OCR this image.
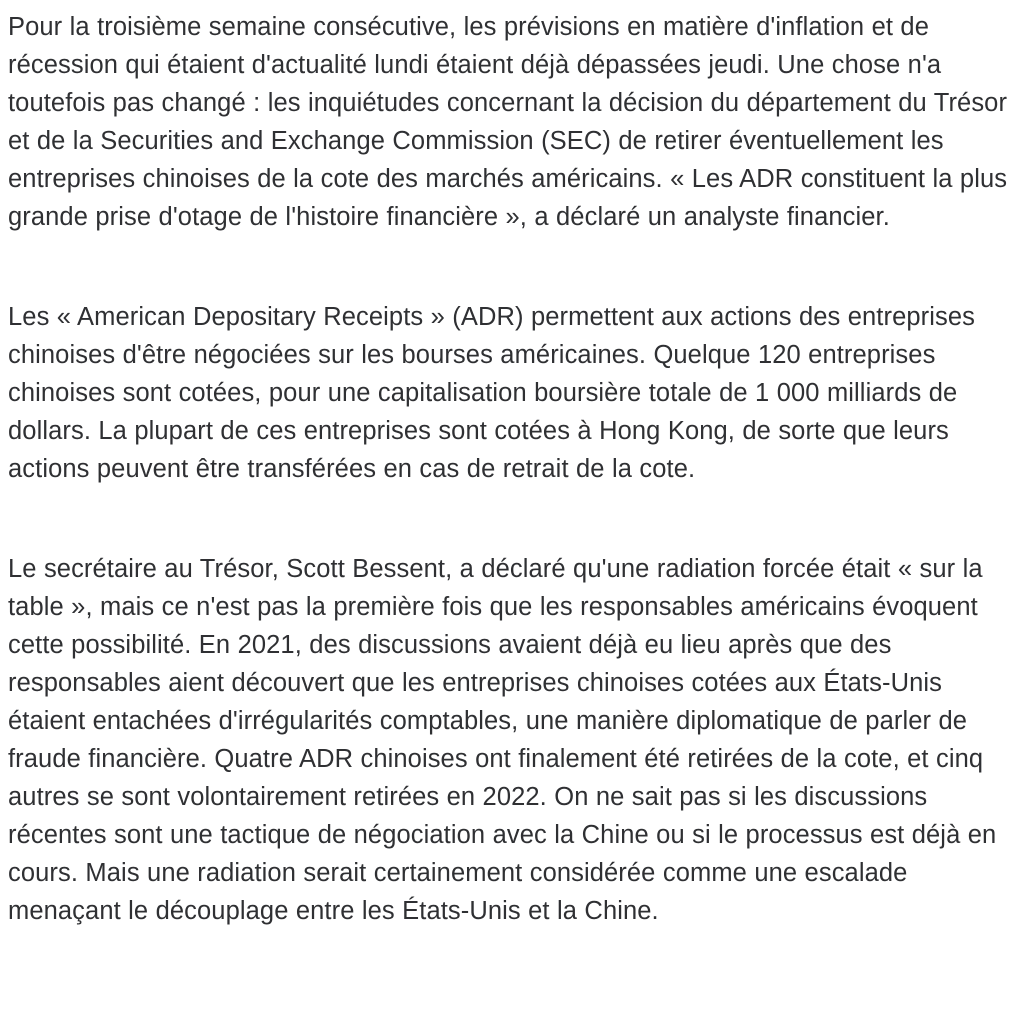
Pour la troisième semaine consécutive, les prévisions en matière d'inflation et de récession qui étaient d'actualité lundi étaient déjà dépassées jeudi. Une chose n'a toutefois pas changé : les inquiétudes concernant la décision du département du Trésor et de la Securities and Exchange Commission (SEC) de retirer éventuellement les entreprises chinoises de la cote des marchés américains. « Les ADR constituent la plus grande prise d'otage de l'histoire financière », a déclaré un analyste financier.

Les « American Depositary Receipts » (ADR) permettent aux actions des entreprises chinoises d'être négociées sur les bourses américaines. Quelque 120 entreprises chinoises sont cotées, pour une capitalisation boursière totale de 1 000 milliards de dollars. La plupart de ces entreprises sont cotées à Hong Kong, de sorte que leurs actions peuvent être transférées en cas de retrait de la cote.

Le secrétaire au Trésor, Scott Bessent, a déclaré qu'une radiation forcée était « sur la table », mais ce n'est pas la première fois que les responsables américains évoquent cette possibilité. En 2021, des discussions avaient déjà eu lieu après que des responsables aient découvert que les entreprises chinoises cotées aux États-Unis étaient entachées d'irrégularités comptables, une manière diplomatique de parler de fraude financière. Quatre ADR chinoises ont finalement été retirées de la cote, et cinq autres se sont volontairement retirées en 2022. On ne sait pas si les discussions récentes sont une tactique de négociation avec la Chine ou si le processus est déjà en cours. Mais une radiation serait certainement considérée comme une escalade menaçant le découplage entre les États-Unis et la Chine.
